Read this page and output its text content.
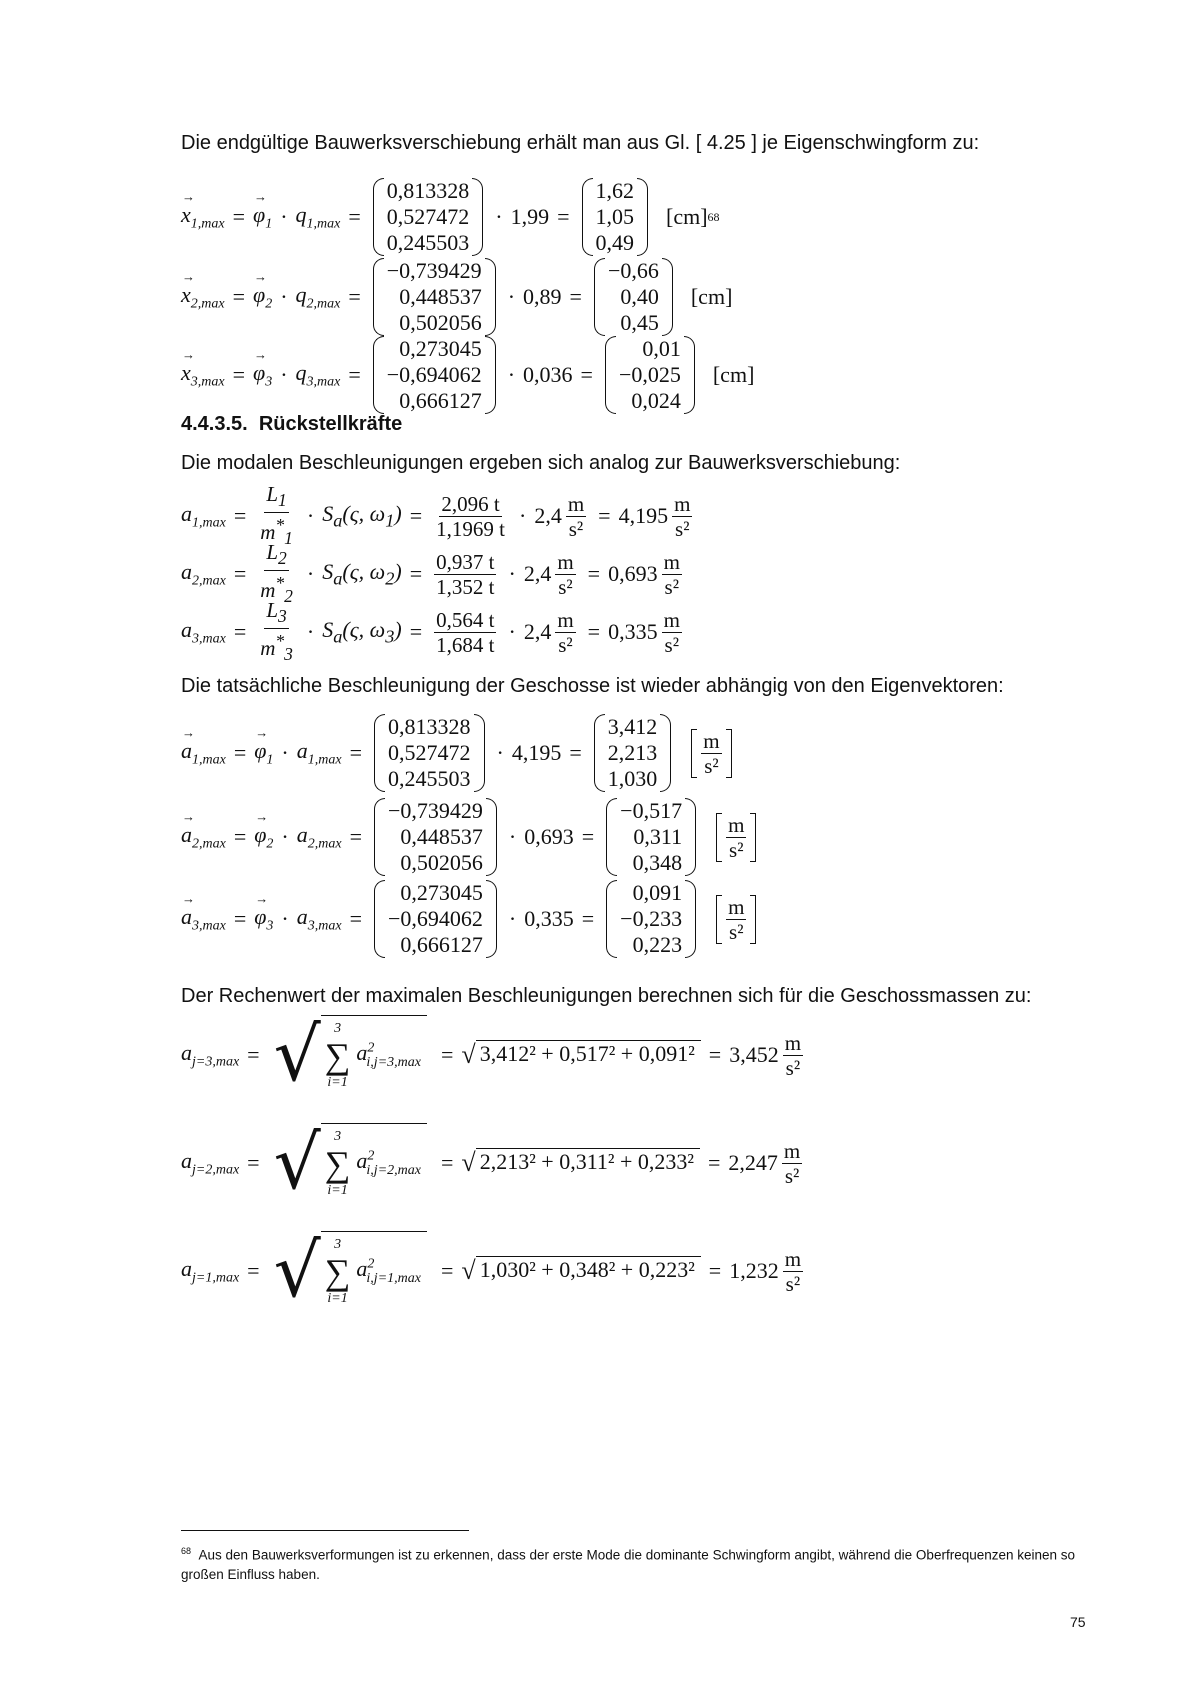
Die endgültige Bauwerksverschiebung erhält man aus Gl. [ 4.25 ] je Eigenschwingform zu:
→ $x_{1,max}$ = → $\varphi_1 \cdot q_{1,max}$ =
0,813328
0,527472
0,245503
· 1,99 =
1,62
1,05
0,49
[cm] 68
→ $x_{2,max}$ = → $\varphi_2 \cdot q_{2,max}$ =
−0,739429
0,448537
0,502056
· 0,89 =
−0,66
0,40
0,45
[cm]
→ $x_{3,max}$ = → $\varphi_3 \cdot q_{3,max}$ =
0,273045
−0,694062
0,666127
· 0,036 =
0,01
−0,025
0,024
[cm]
4.4.3.5. Rückstellkräfte
Die modalen Beschleunigungen ergeben sich analog zur Bauwerksverschiebung:
$a_{1,max} = \frac{L_1}{m^*_1} \cdot S_a(\varsigma$, $\omega_1) = \frac{2,096 t}{1,1969 t} \cdot 2,4 \frac{m}{\text{s²}} = 4,195 \frac{m}{\text{s²}}$
$a_{2,max} = \frac{L_2}{m^*_2} \cdot S_a(\varsigma$, $\omega_2) = \frac{0,937 t}{1,352 t} \cdot 2,4 \frac{m}{\text{s²}} = 0,693 \frac{m}{\text{s²}}$
$a_{3,max} = \frac{L_3}{m^*_3} \cdot S_a(\varsigma$, $\omega_3) = \frac{0,564 t}{1,684 t} \cdot 2,4 \frac{m}{\text{s²}} = 0,335 \frac{m}{\text{s²}}$
Die tatsächliche Beschleunigung der Geschosse ist wieder abhängig von den Eigenvektoren:
→ $a_{1,max}$ = → $\varphi_1 \cdot a_{1,max}$ =
0,813328
0,527472
0,245503
· 4,195 =
3,412
2,213
1,030
$\frac{m}{\text{s²}}$
→ $a_{2,max}$ = → $\varphi_2 \cdot a_{2,max}$ =
−0,739429
0,448537
0,502056
· 0,693 =
−0,517
0,311
0,348
$\frac{m}{\text{s²}}$
→ $a_{3,max}$ = → $\varphi_3 \cdot a_{3,max}$ =
0,273045
−0,694062
0,666127
· 0,335 =
0,091
−0,233
0,223
$\frac{m}{\text{s²}}$
Der Rechenwert der maximalen Beschleunigungen berechnen sich für die Geschossmassen zu:
$a_{j=3,max}$ = √ 3
∑
i=1
$a^2_{i,j=3,max}$ = √ $3,412^2 + 0,517^2 + 0,091^2 = 3,452 \frac{m}{\text{s²}}$
$a_{j=2,max}$ = √ 3
∑
i=1
$a^2_{i,j=2,max}$ = √ $2,213^2 + 0,311^2 + 0,233^2 = 2,247 \frac{m}{\text{s²}}$
$a_{j=1,max}$ = √ 3
∑
i=1
$a^2_{i,j=1,max}$ = √ $1,030^2 + 0,348^2 + 0,223^2 = 1,232 \frac{m}{\text{s²}}$
$^{68}$ Aus den Bauwerksverformungen ist zu erkennen, dass der erste Mode die dominante Schwingform angibt, während die Oberfrequenzen keinen so großen Einfluss haben.
75
